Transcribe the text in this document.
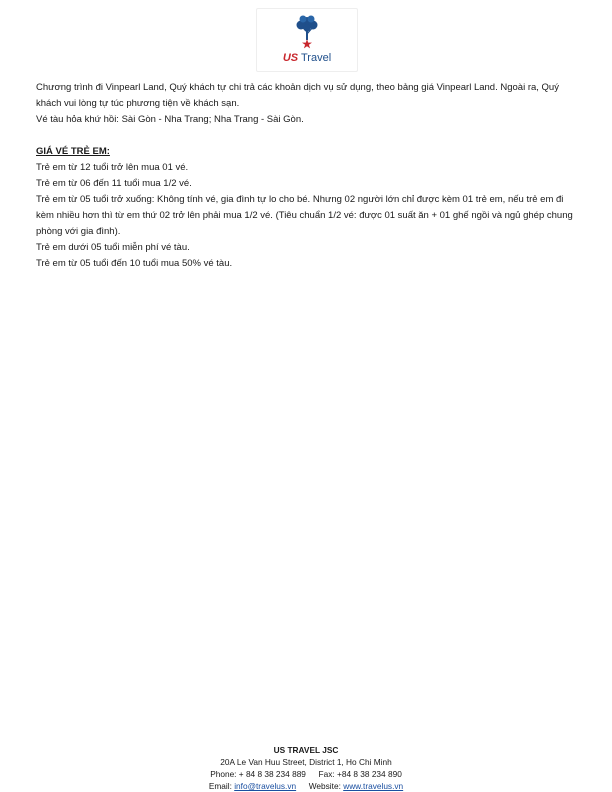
US Travel

Chương trình đi Vinpearl Land, Quý khách tự chi trả các khoản dịch vụ sử dụng, theo bảng giá Vinpearl Land. Ngoài ra, Quý khách vui lòng tự túc phương tiện về khách sạn.

Vé tàu hỏa khứ hồi: Sài Gòn - Nha Trang; Nha Trang - Sài Gòn.

GIÁ VÉ TRẺ EM:

Trẻ em từ 12 tuổi trở lên mua 01 vé.

Trẻ em từ 06 đến 11 tuổi mua 1/2 vé.

Trẻ em từ 05 tuổi trở xuống: Không tính vé, gia đình tự lo cho bé. Nhưng 02 người lớn chỉ được kèm 01 trẻ em, nếu trẻ em đi kèm nhiều hơn thì từ em thứ 02 trở lên phải mua 1/2 vé. (Tiêu chuẩn 1/2 vé: được 01 suất ăn + 01 ghế ngồi và ngủ ghép chung phòng với gia đình).

Trẻ em dưới 05 tuổi miễn phí vé tàu.

Trẻ em từ 05 tuổi đến 10 tuổi mua 50% vé tàu.

US TRAVEL JSC

20A Le Van Huu Street, District 1, Ho Chi Minh

Phone: + 84 8 38 234 889 Fax: +84 8 38 234 890

Email: info@travelus.vn Website: www.travelus.vn
